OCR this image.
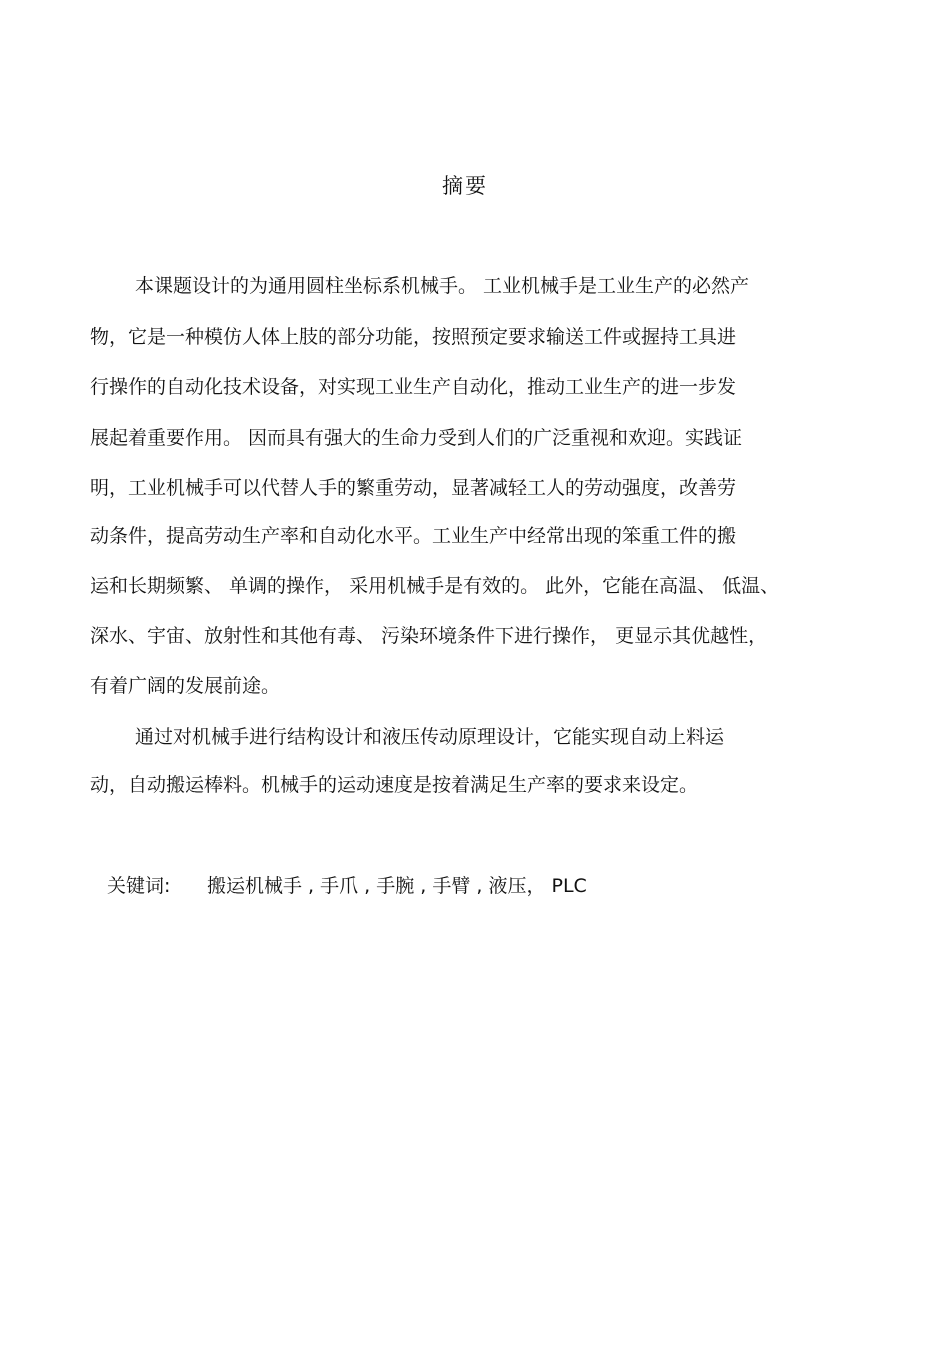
摘要
本课题设计的为通用圆柱坐标系机械手。 工业机械手是工业生产的必然产
物，它是一种模仿人体上肢的部分功能，按照预定要求输送工件或握持工具进
行操作的自动化技术设备，对实现工业生产自动化，推动工业生产的进一步发
展起着重要作用。 因而具有强大的生命力受到人们的广泛重视和欢迎。实践证
明，工业机械手可以代替人手的繁重劳动，显著减轻工人的劳动强度，改善劳
动条件，提高劳动生产率和自动化水平。工业生产中经常出现的笨重工件的搬
运和长期频繁、 单调的操作， 采用机械手是有效的。 此外，它能在高温、 低温、
深水、宇宙、放射性和其他有毒、 污染环境条件下进行操作， 更显示其优越性，
有着广阔的发展前途。
通过对机械手进行结构设计和液压传动原理设计，它能实现自动上料运
动，自动搬运棒料。机械手的运动速度是按着满足生产率的要求来设定。
关键词: 搬运机械手 , 手爪 , 手腕 , 手臂 , 液压， PLC
